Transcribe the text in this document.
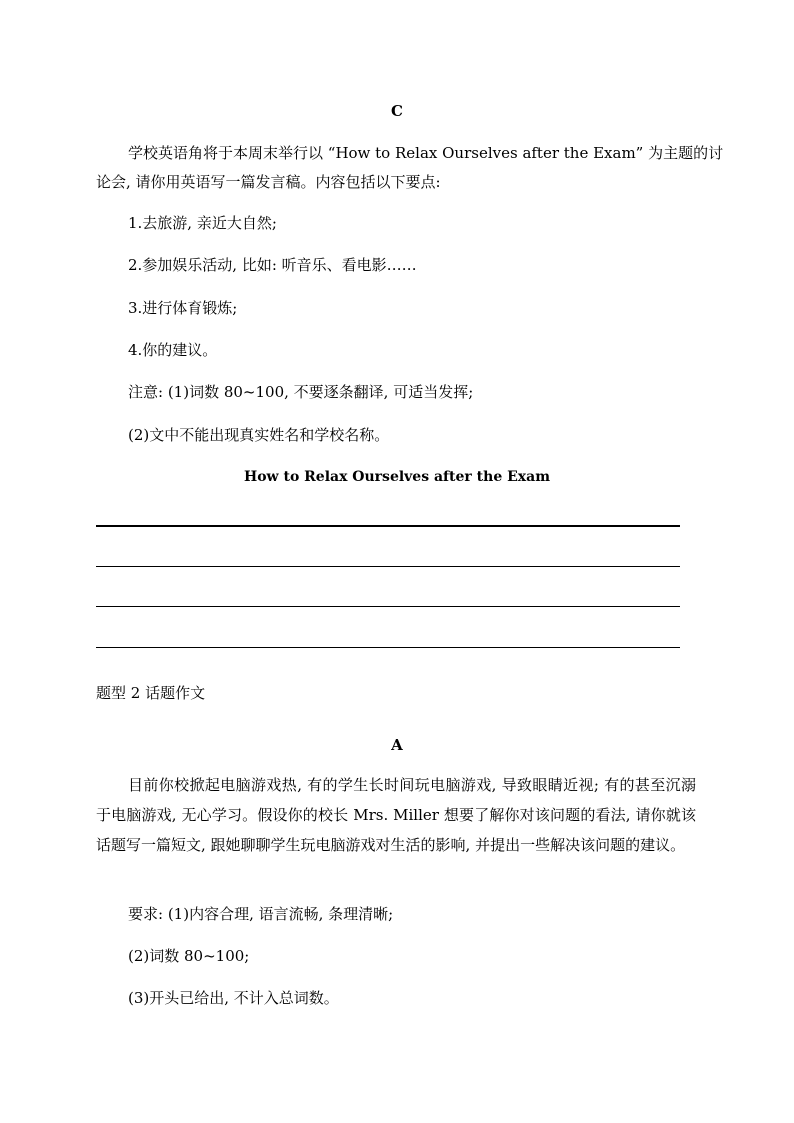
C
学校英语角将于本周末举行以 “How to Relax Ourselves after the Exam” 为主题的讨
论会, 请你用英语写一篇发言稿。内容包括以下要点:
1.去旅游, 亲近大自然;
2.参加娱乐活动, 比如: 听音乐、看电影……
3.进行体育锻炼;
4.你的建议。
注意: (1)词数 80~100, 不要逐条翻译, 可适当发挥;
(2)文中不能出现真实姓名和学校名称。
How to Relax Ourselves after the Exam
题型 2 话题作文
A
目前你校掀起电脑游戏热, 有的学生长时间玩电脑游戏, 导致眼睛近视; 有的甚至沉溺于电脑游戏, 无心学习。假设你的校长 Mrs. Miller 想要了解你对该问题的看法, 请你就该话题写一篇短文, 跟她聊聊学生玩电脑游戏对生活的影响, 并提出一些解决该问题的建议。
要求: (1)内容合理, 语言流畅, 条理清晰;
(2)词数 80~100;
(3)开头已给出, 不计入总词数。
